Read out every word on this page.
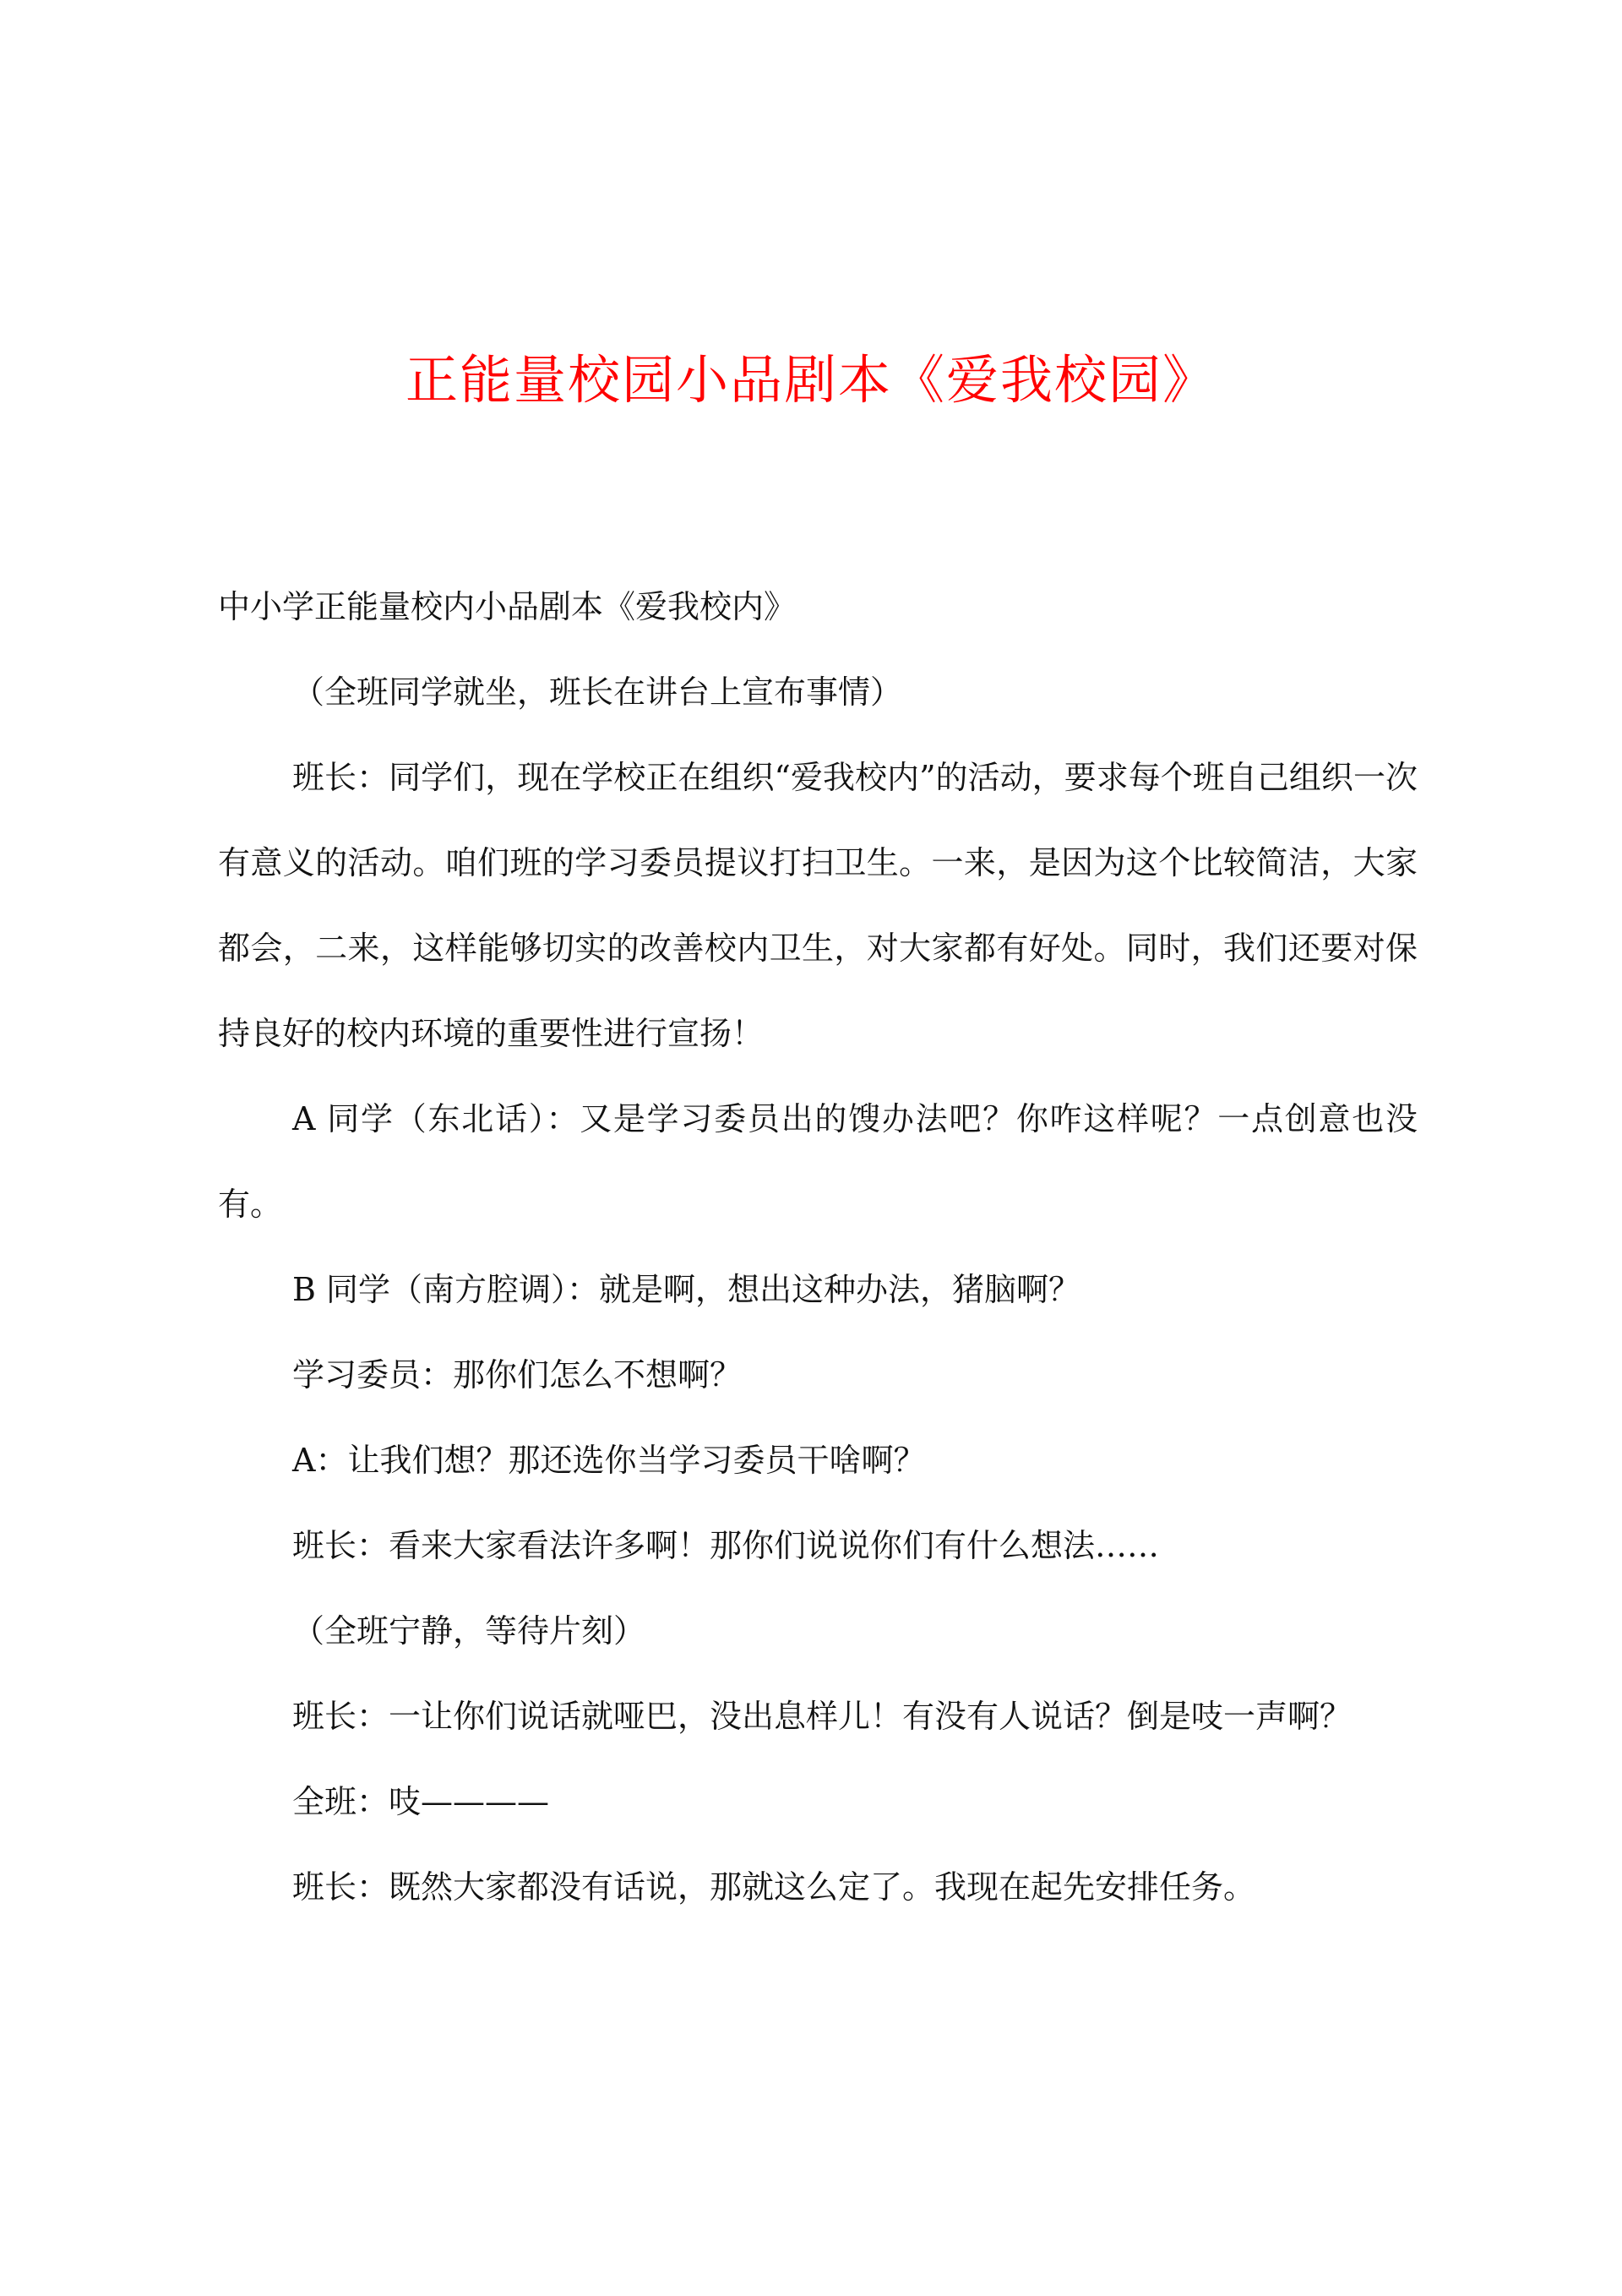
正能量校园小品剧本《爱我校园》

中小学正能量校内小品剧本《爱我校内》

（全班同学就坐，班长在讲台上宣布事情）

班长：同学们，现在学校正在组织“爱我校内”的活动，要求每个班自己组织一次有意义的活动。咱们班的学习委员提议打扫卫生。一来，是因为这个比较简洁，大家都会，二来，这样能够切实的改善校内卫生，对大家都有好处。同时，我们还要对保持良好的校内环境的重要性进行宣扬！

A 同学（东北话）：又是学习委员出的馊办法吧？你咋这样呢？一点创意也没有。

B 同学（南方腔调）：就是啊，想出这种办法，猪脑啊？

学习委员：那你们怎么不想啊？

A：让我们想？那还选你当学习委员干啥啊？

班长：看来大家看法许多啊！那你们说说你们有什么想法……

（全班宁静，等待片刻）

班长：一让你们说话就哑巴，没出息样儿！有没有人说话？倒是吱一声啊？

全班：吱————

班长：既然大家都没有话说，那就这么定了。我现在起先安排任务。
